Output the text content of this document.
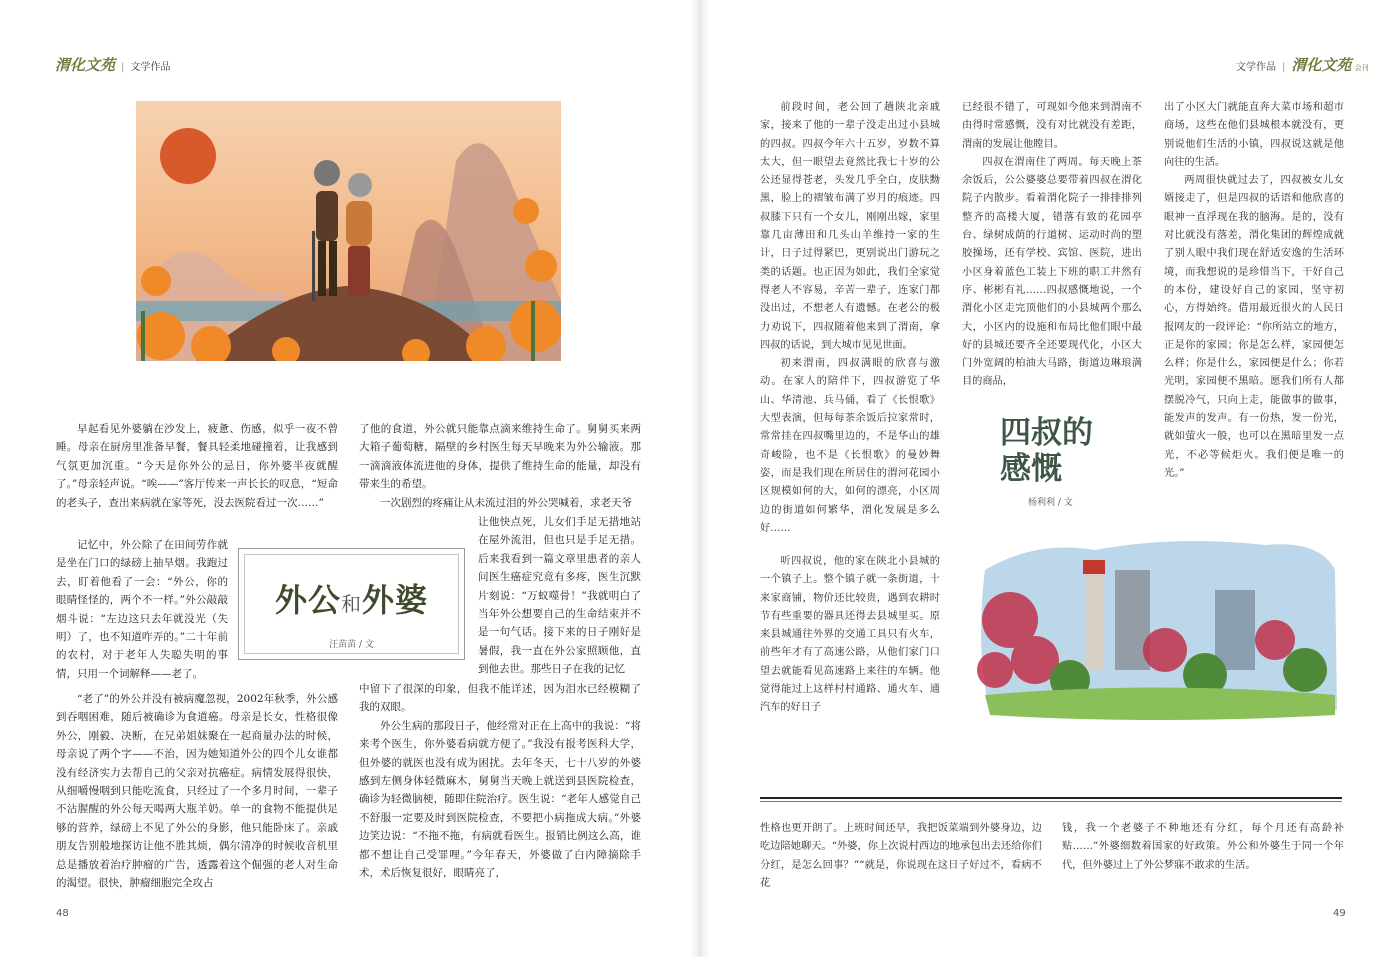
渭化文苑 | 文学作品	文学作品 | 渭化文苑 会刊

早起看见外婆躺在沙发上，疲惫、伤感，似乎一夜不曾睡。母亲在厨房里准备早餐，餐具轻柔地碰撞着，让我感到气氛更加沉重。“今天是你外公的忌日，你外婆半夜就醒了。”母亲轻声说。“唉——”客厅传来一声长长的叹息，“短命的老头子，查出来病就在家等死，没去医院看过一次……”

记忆中，外公除了在田间劳作就是坐在门口的绿磅上抽旱烟。我跑过去，盯着他看了一会：“外公，你的眼睛怪怪的，两个不一样。”外公敲敲烟斗说：“左边这只去年就没光（失明）了，也不知道咋弄的。”二十年前的农村，对于老年人失聪失明的事情，只用一个词解释——老了。

“老了”的外公并没有被病魔忽视，2002年秋季，外公感到吞咽困难，随后被确诊为食道癌。母亲是长女，性格很像外公，刚毅、决断，在兄弟姐妹聚在一起商量办法的时候，母亲说了两个字——不治，因为她知道外公的四个儿女谁都没有经济实力去帮自己的父亲对抗癌症。病情发展得很快，从细嚼慢咽到只能吃流食，只经过了一个多月时间，一辈子不沾腥醒的外公每天喝两大瓶羊奶。单一的食物不能提供足够的营养，绿磅上不见了外公的身影，他只能卧床了。亲戚朋友告别般地探访让他不胜其烦，偶尔清净的时候收音机里总是播放着治疗肿瘤的广告，透露着这个倔强的老人对生命的渴望。很快，肿瘤细胞完全攻占

了他的食道，外公就只能靠点滴来维持生命了。舅舅买来两大箱子葡萄糖，隔壁的乡村医生每天早晚来为外公输液。那一滴滴液体流进他的身体，提供了维持生命的能量，却没有带来生的希望。

一次剧烈的疼痛让从未流过泪的外公哭喊着，求老天爷

让他快点死，儿女们手足无措地站在屋外流泪，但也只是手足无措。后来我看到一篇文章里患者的亲人问医生癌症究竟有多疼，医生沉默片刻说：“万蚁噬骨！”我就明白了当年外公想要自己的生命结束并不是一句气话。接下来的日子刚好是暑假，我一直在外公家照顾他，直到他去世。那些日子在我的记忆

中留下了很深的印象，但我不能详述，因为泪水已经模糊了我的双眼。

外公生病的那段日子，他经常对正在上高中的我说：“将来考个医生，你外婆看病就方便了。”我没有报考医科大学，但外婆的就医也没有成为困扰。去年冬天，七十八岁的外婆感到左侧身体轻微麻木，舅舅当天晚上就送到县医院检查，确诊为轻微脑梗，随即住院治疗。医生说：“老年人感觉自己不舒服一定要及时到医院检查，不要把小病拖成大病。”外婆边笑边说：“不拖不拖，有病就看医生。报销比例这么高，谁都不想让自己受罪哩。”今年春天，外婆做了白内障摘除手术，术后恢复很好，眼睛亮了，

外公和外婆
汪苗苗 / 文
48

前段时间，老公回了趟陕北亲戚家，接来了他的一辈子没走出过小县城的四叔。四叔今年六十五岁，岁数不算太大，但一眼望去竟然比我七十岁的公公还显得苍老，头发几乎全白，皮肤黝黑，脸上的褶皱布满了岁月的痕迹。四叔膝下只有一个女儿，刚刚出嫁，家里靠几亩薄田和几头山羊维持一家的生计，日子过得紧巴，更别说出门游玩之类的话题。也正因为如此，我们全家觉得老人不容易，辛苦一辈子，连家门都没出过，不想老人有遗憾。在老公的极力劝说下，四叔随着他来到了渭南，拿四叔的话说，到大城市见见世面。

初来渭南，四叔满眼的欣喜与激动。在家人的陪伴下，四叔游览了华山、华清池、兵马俑，看了《长恨歌》大型表演，但每每茶余饭后拉家常时，常常挂在四叔嘴里边的，不是华山的雄奇峻险，也不是《长恨歌》的曼妙舞姿，而是我们现在所居住的渭河花园小区规模如何的大，如何的漂亮，小区周边的街道如何繁华，渭化发展是多么好……

听四叔说，他的家在陕北小县城的一个镇子上。整个镇子就一条街道，十来家商铺，物价还比较贵，遇到农耕时节有些重要的器具还得去县城里买。原来县城通往外界的交通工具只有火车，前些年才有了高速公路，从他们家门口望去就能看见高速路上来往的车辆。他觉得能过上这样村村通路、通火车、通汽车的好日子

已经很不错了，可现如今他来到渭南不由得时常感慨，没有对比就没有差距，渭南的发展让他瞠目。

四叔在渭南住了两周。每天晚上茶余饭后，公公婆婆总要带着四叔在渭化院子内散步。看着渭化院子一排排排列整齐的高楼大厦，错落有致的花园亭台、绿树成荫的行道树、运动时尚的塑胶操场，还有学校、宾馆、医院，进出小区身着蓝色工装上下班的职工井然有序、彬彬有礼……四叔感慨地说，一个渭化小区走完顶他们的小县城两个那么大，小区内的设施和布局比他们眼中最好的县城还要齐全还要现代化，小区大门外宽阔的柏油大马路，街道边琳琅满目的商品，

出了小区大门就能直奔大菜市场和超市商场，这些在他们县城根本就没有，更别说他们生活的小镇，四叔说这就是他向往的生活。

两周很快就过去了，四叔被女儿女婿接走了，但是四叔的话语和他欣喜的眼神一直浮现在我的脑海。是的，没有对比就没有落差，渭化集团的辉煌成就了别人眼中我们现在舒适安逸的生活环境，而我想说的是珍惜当下，干好自己的本份，建设好自己的家园，坚守初心，方得始终。借用最近很火的人民日报网友的一段评论：“你所站立的地方，正是你的家园；你是怎么样，家园便怎么样；你是什么，家园便是什么；你若光明，家园便不黑暗。愿我们所有人都摆脱冷气，只向上走，能做事的做事，能发声的发声。有一份热，发一份光，就如萤火一般，也可以在黑暗里发一点光，不必等候炬火。我们便是唯一的光。”

四叔的
感慨
杨利利 / 文

性格也更开朗了。上班时间还早，我把饭菜端到外婆身边，边吃边陪她聊天。“外婆，你上次说村西边的地承包出去还给你们分红，是怎么回事？”“就是，你说现在这日子好过不，看病不花

钱，我一个老婆子不种地还有分红，每个月还有高龄补贴……”外婆细数着国家的好政策。外公和外婆生于同一个年代，但外婆过上了外公梦寐不敢求的生活。

49
